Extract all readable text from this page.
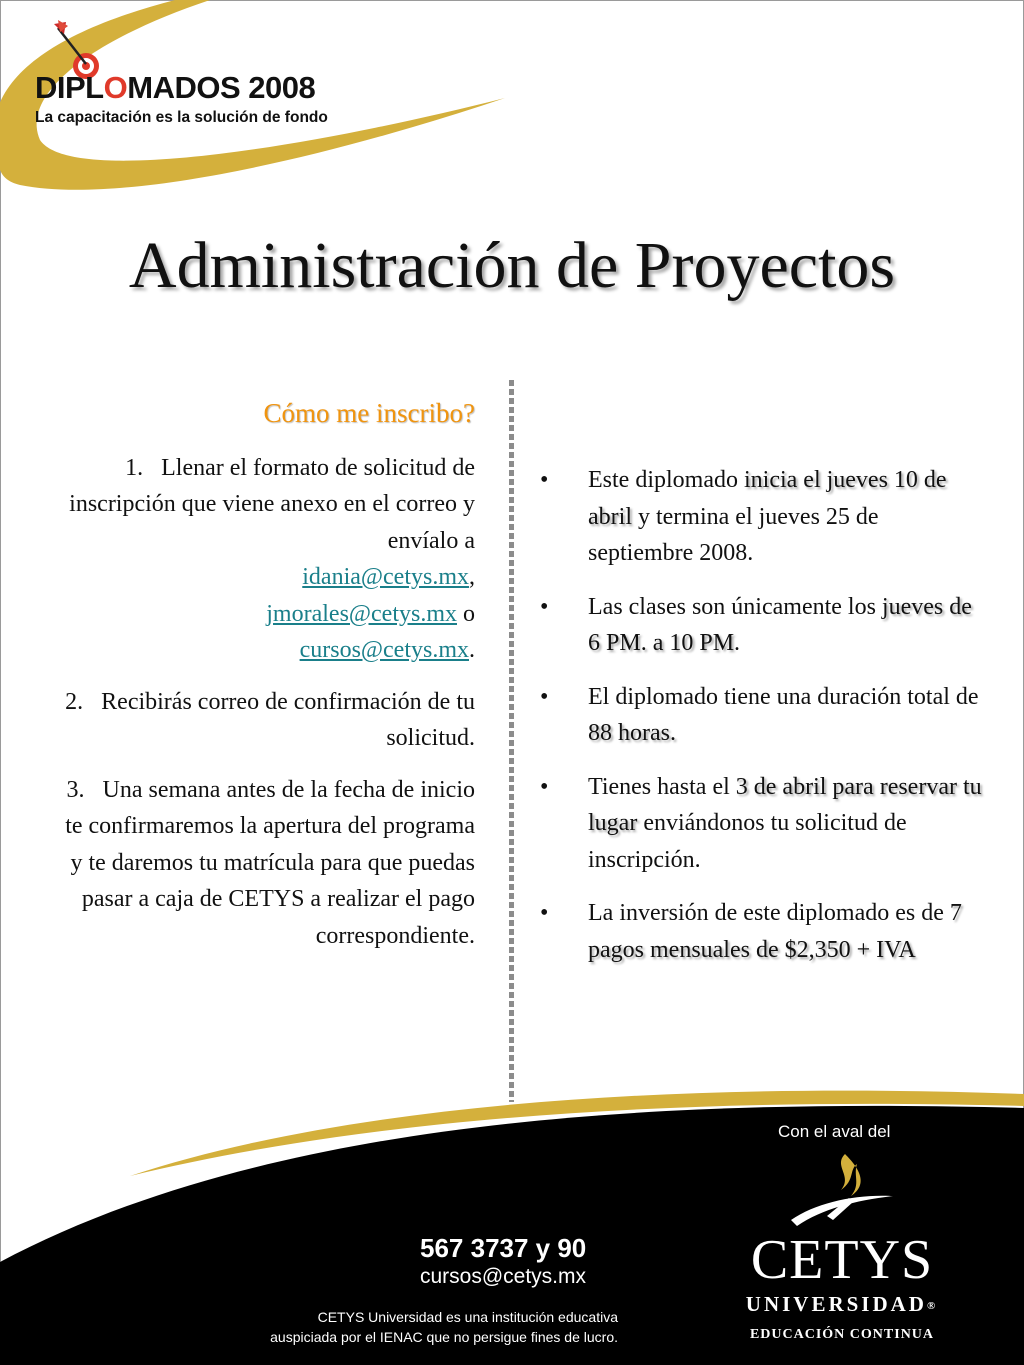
DIPLOMADOS 2008
La capacitación es la solución de fondo
Administración de Proyectos
Cómo me inscribo?
1. Llenar el formato de solicitud de inscripción que viene anexo en el correo y envíalo a
idania@cetys.mx,
jmorales@cetys.mx o
cursos@cetys.mx.
2. Recibirás correo de confirmación de tu solicitud.
3. Una semana antes de la fecha de inicio te confirmaremos la apertura del programa y te daremos tu matrícula para que puedas pasar a caja de CETYS a realizar el pago correspondiente.
• Este diplomado inicia el jueves 10 de abril y termina el jueves 25 de septiembre 2008.
• Las clases son únicamente los jueves de 6 PM. a 10 PM.
• El diplomado tiene una duración total de 88 horas.
• Tienes hasta el 3 de abril para reservar tu lugar enviándonos tu solicitud de inscripción.
• La inversión de este diplomado es de 7 pagos mensuales de $2,350 + IVA
Con el aval del
567 3737 y 90
cursos@cetys.mx
CETYS Universidad es una institución educativa
auspiciada por el IENAC que no persigue fines de lucro.
CETYS
UNIVERSIDAD®
EDUCACIÓN CONTINUA
